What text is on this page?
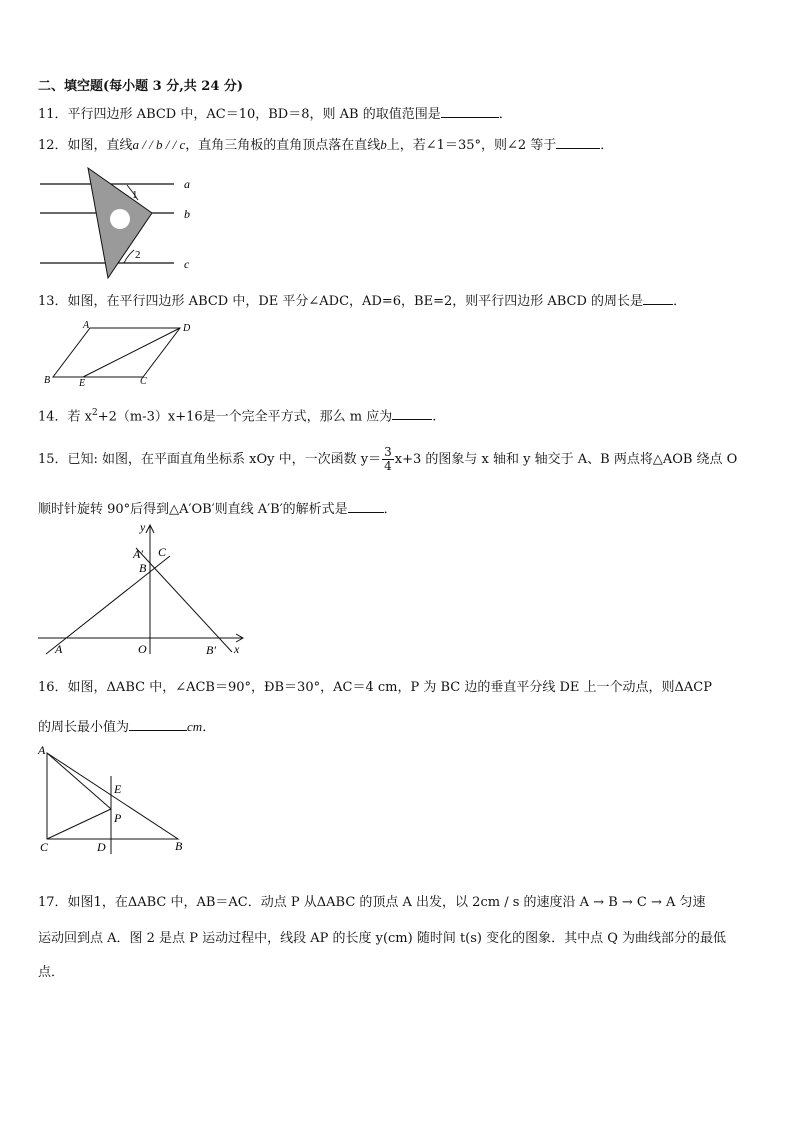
二、填空题(每小题 3 分,共 24 分)
11．平行四边形 ABCD 中，AC＝10，BD＝8，则 AB 的取值范围是	．
12．如图，直线a / / b / / c，直角三角板的直角顶点落在直线b上，若∠1＝35°，则∠2 等于	．
a
b
c
1
2
13．如图，在平行四边形 ABCD 中，DE 平分∠ADC，AD=6，BE=2，则平行四边形 ABCD 的周长是 ．
A	D
B	E	C
14．若 $x^2+2(m-3)x+16$是一个完全平方式，那么 m 应为	.
15．已知: 如图，在平面直角坐标系 xOy 中，一次函数 $y= \frac{3}{4} x+3$ 的图象与 x 轴和 y 轴交于 A、B 两点将△AOB 绕点 O
顺时针旋转 90°后得到△A′OB′则直线 A′B′的解析式是	．
y
x
A′ C
B
A	O	B′
16．如图，ΔABC 中，∠ACB＝90°，ÐB＝30°，AC＝4 cm，P 为 BC 边的垂直平分线 DE 上一个动点，则ΔACP
的周长最小值为	cm．
A
E
P
C	D	B
17．如图1，在ΔABC 中，AB＝AC．动点 P 从ΔABC 的顶点 A 出发，以 2cm / s 的速度沿 A → B → C → A 匀速
运动回到点 A．图 2 是点 P 运动过程中，线段 AP 的长度 y(cm) 随时间 t(s) 变化的图象．其中点 Q 为曲线部分的最低
点．
